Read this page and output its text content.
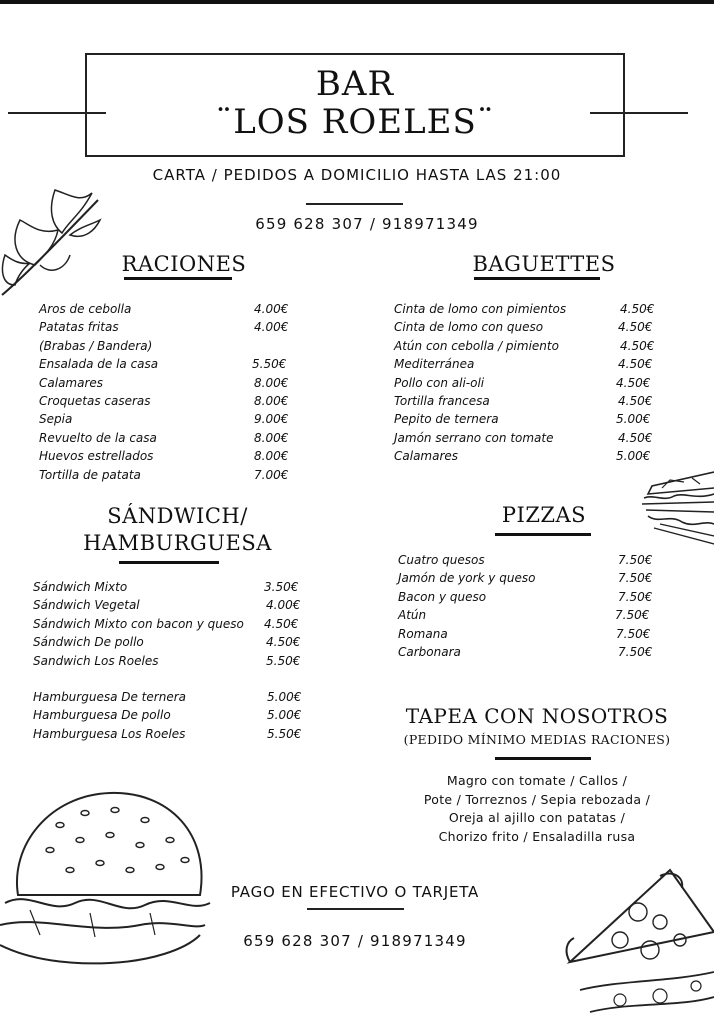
BAR
¨LOS ROELES¨
CARTA / PEDIDOS A DOMICILIO HASTA LAS 21:00
659 628 307 / 918971349
RACIONES
Aros de cebolla	4.00€
Patatas fritas	4.00€
(Brabas / Bandera)
Ensalada de la casa	5.50€
Calamares	8.00€
Croquetas caseras	8.00€
Sepia	9.00€
Revuelto de la casa	8.00€
Huevos estrellados	8.00€
Tortilla de patata	7.00€
BAGUETTES
Cinta de lomo con pimientos	4.50€
Cinta de lomo con queso	4.50€
Atún con cebolla / pimiento	4.50€
Mediterránea	4.50€
Pollo con ali-oli	4.50€
Tortilla francesa	4.50€
Pepito de ternera	5.00€
Jamón serrano con tomate	4.50€
Calamares	5.00€
SÁNDWICH/
HAMBURGUESA
Sándwich Mixto	3.50€
Sándwich Vegetal	4.00€
Sándwich Mixto con bacon y queso 4.50€
Sándwich De pollo	4.50€
Sandwich Los Roeles	5.50€
Hamburguesa De ternera	5.00€
Hamburguesa De pollo	5.00€
Hamburguesa Los Roeles	5.50€
PIZZAS
Cuatro quesos	7.50€
Jamón de york y queso	7.50€
Bacon y queso	7.50€
Atún	7.50€
Romana	7.50€
Carbonara	7.50€
TAPEA CON NOSOTROS
(PEDIDO MÍNIMO MEDIAS RACIONES)
Magro con tomate / Callos /
Pote / Torreznos / Sepia rebozada /
Oreja al ajillo con patatas /
Chorizo frito / Ensaladilla rusa
PAGO EN EFECTIVO O TARJETA
659 628 307 / 918971349
